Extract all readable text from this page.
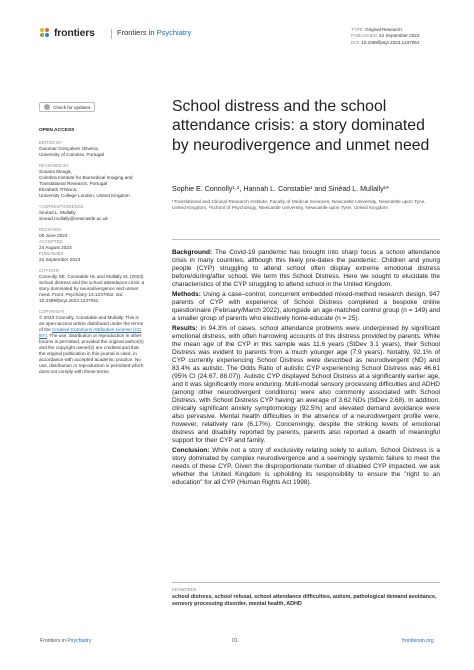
frontiers	Frontiers in Psychiatry	TYPE Original Research
PUBLISHED 22 September 2023
DOI 10.3389/fpsyt.2023.1237052
Check for updates
OPEN ACCESS
EDITED BY
Guiomar Gonçalves Oliveira,
University of Coimbra, Portugal
REVIEWED BY
Susana Mouga,
Coimbra Institute for Biomedical Imaging and
Translational Research, Portugal
Elizabeth O'Nions,
University College London, United Kingdom
*CORRESPONDENCE
Sinéad L. Mullally
sinead.mullally@newcastle.ac.uk
RECEIVED
08 June 2023
ACCEPTED
24 August 2023
PUBLISHED
22 September 2023
CITATION
Connolly SE, Constable HL and Mullally SL (2023) School distress and the school attendance crisis: a story dominated by neurodivergence and unmet need. Front. Psychiatry 14:1237052. doi: 10.3389/fpsyt.2023.1237052
COPYRIGHT
© 2023 Connolly, Constable and Mullally. This is an open-access article distributed under the terms of the Creative Commons Attribution License (CC BY). The use, distribution or reproduction in other forums is permitted, provided the original author(s) and the copyright owner(s) are credited and that the original publication in this journal is cited, in accordance with accepted academic practice. No use, distribution or reproduction is permitted which does not comply with these terms.
School distress and the school attendance crisis: a story dominated by neurodivergence and unmet need
Sophie E. Connolly¹·², Hannah L. Constable¹ and Sinéad L. Mullally¹*
¹Translational and Clinical Research Institute, Faculty of Medical Sciences, Newcastle University, Newcastle upon Tyne, United Kingdom, ²School of Psychology, Newcastle University, Newcastle upon Tyne, United Kingdom

Background: The Covid-19 pandemic has brought into sharp focus a school attendance crisis in many countries, although this likely pre-dates the pandemic. Children and young people (CYP) struggling to attend school often display extreme emotional distress before/during/after school. We term this School Distress. Here we sought to elucidate the characteristics of the CYP struggling to attend school in the United Kingdom.

Methods: Using a case–control, concurrent embedded mixed-method research design, 947 parents of CYP with experience of School Distress completed a bespoke online questionnaire (February/March 2022), alongside an age-matched control group (n = 149) and a smaller group of parents who electively home-educate (n = 25).

Results: In 94.3% of cases, school attendance problems were underpinned by significant emotional distress, with often harrowing accounts of this distress provided by parents. While the mean age of the CYP in this sample was 11.6 years (StDev 3.1 years), their School Distress was evident to parents from a much younger age (7.9 years). Notably, 92.1% of CYP currently experiencing School Distress were described as neurodivergent (ND) and 83.4% as autistic. The Odds Ratio of autistic CYP experiencing School Distress was 46.61 (95% CI (24.67, 88.07)). Autistic CYP displayed School Distress at a significantly earlier age, and it was significantly more enduring. Multi-modal sensory processing difficulties and ADHD (among other neurodivergent conditions) were also commonly associated with School Distress, with School Distress CYP having an average of 3.62 NDs (StDev 2.68). In addition, clinically significant anxiety symptomology (92.5%) and elevated demand avoidance were also pervasive. Mental health difficulties in the absence of a neurodivergent profile were, however, relatively rare (6.17%). Concerningly, despite the striking levels of emotional distress and disability reported by parents, parents also reported a dearth of meaningful support for their CYP and family.

Conclusion: While not a story of exclusivity relating solely to autism, School Distress is a story dominated by complex neurodivergence and a seemingly systemic failure to meet the needs of these CYP. Given the disproportionate number of disabled CYP impacted, we ask whether the United Kingdom is upholding its responsibility to ensure the "right to an education" for all CYP (Human Rights Act 1998).

KEYWORDS
school distress, school refusal, school attendance difficulties, autism, pathological demand avoidance, sensory processing disorder, mental health, ADHD
Frontiers in Psychiatry	01	frontiersin.org
